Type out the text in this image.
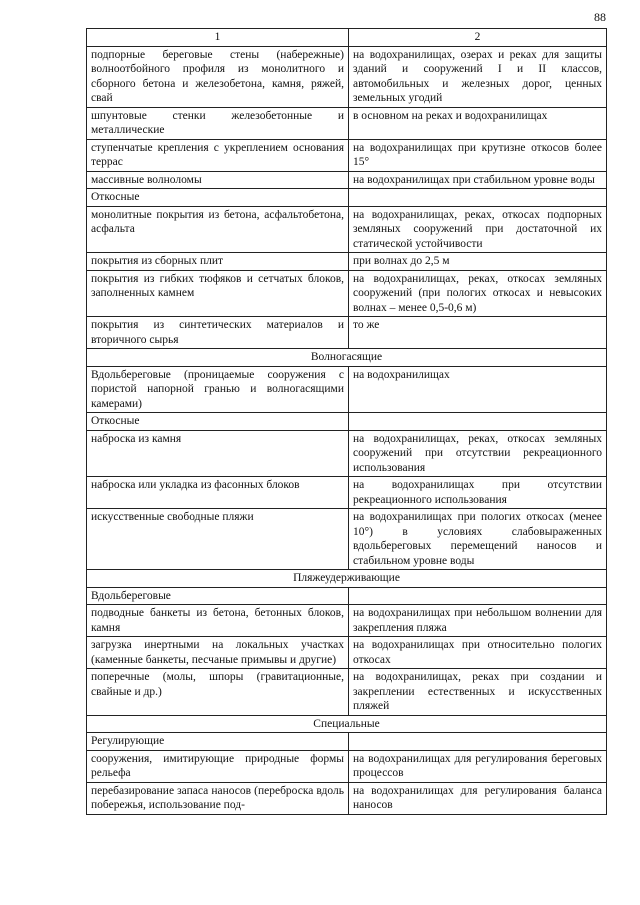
88
1	2
подпорные береговые стены (набережные) волноотбойного профиля из монолитного и сборного бетона и железобетона, камня, ряжей, свай	на водохранилищах, озерах и реках для защиты зданий и сооружений I и II классов, автомобильных и железных дорог, ценных земельных угодий
шпунтовые стенки железобетонные и металлические	в основном на реках и водохранилищах
ступенчатые крепления с укреплением основания террас	на водохранилищах при крутизне откосов более 15°
массивные волноломы	на водохранилищах при стабильном уровне воды
Откосные	
монолитные покрытия из бетона, асфальтобетона, асфальта	на водохранилищах, реках, откосах подпорных земляных сооружений при достаточной их статической устойчивости
покрытия из сборных плит	при волнах до 2,5 м
покрытия из гибких тюфяков и сетчатых блоков, заполненных камнем	на водохранилищах, реках, откосах земляных сооружений (при пологих откосах и невысоких волнах – менее 0,5-0,6 м)
покрытия из синтетических материалов и вторичного сырья	то же
Волногасящие	
Вдольбереговые (проницаемые сооружения с пористой напорной гранью и волногасящими камерами)	на водохранилищах
Откосные	
наброска из камня	на водохранилищах, реках, откосах земляных сооружений при отсутствии рекреационного использования
наброска или укладка из фасонных блоков	на водохранилищах при отсутствии рекреационного использования
искусственные свободные пляжи	на водохранилищах при пологих откосах (менее 10°) в условиях слабовыраженных вдольбереговых перемещений наносов и стабильном уровне воды
Пляжеудерживающие	
Вдольбереговые	
подводные банкеты из бетона, бетонных блоков, камня	на водохранилищах при небольшом волнении для закрепления пляжа
загрузка инертными на локальных участках (каменные банкеты, песчаные примывы и другие)	на водохранилищах при относительно пологих откосах
поперечные (молы, шпоры (гравитационные, свайные и др.)	на водохранилищах, реках при создании и закреплении естественных и искусственных пляжей
Специальные	
Регулирующие	
сооружения, имитирующие природные формы рельефа	на водохранилищах для регулирования береговых процессов
перебазирование запаса наносов (переброска вдоль побережья, использование под-	на водохранилищах для регулирования баланса наносов
